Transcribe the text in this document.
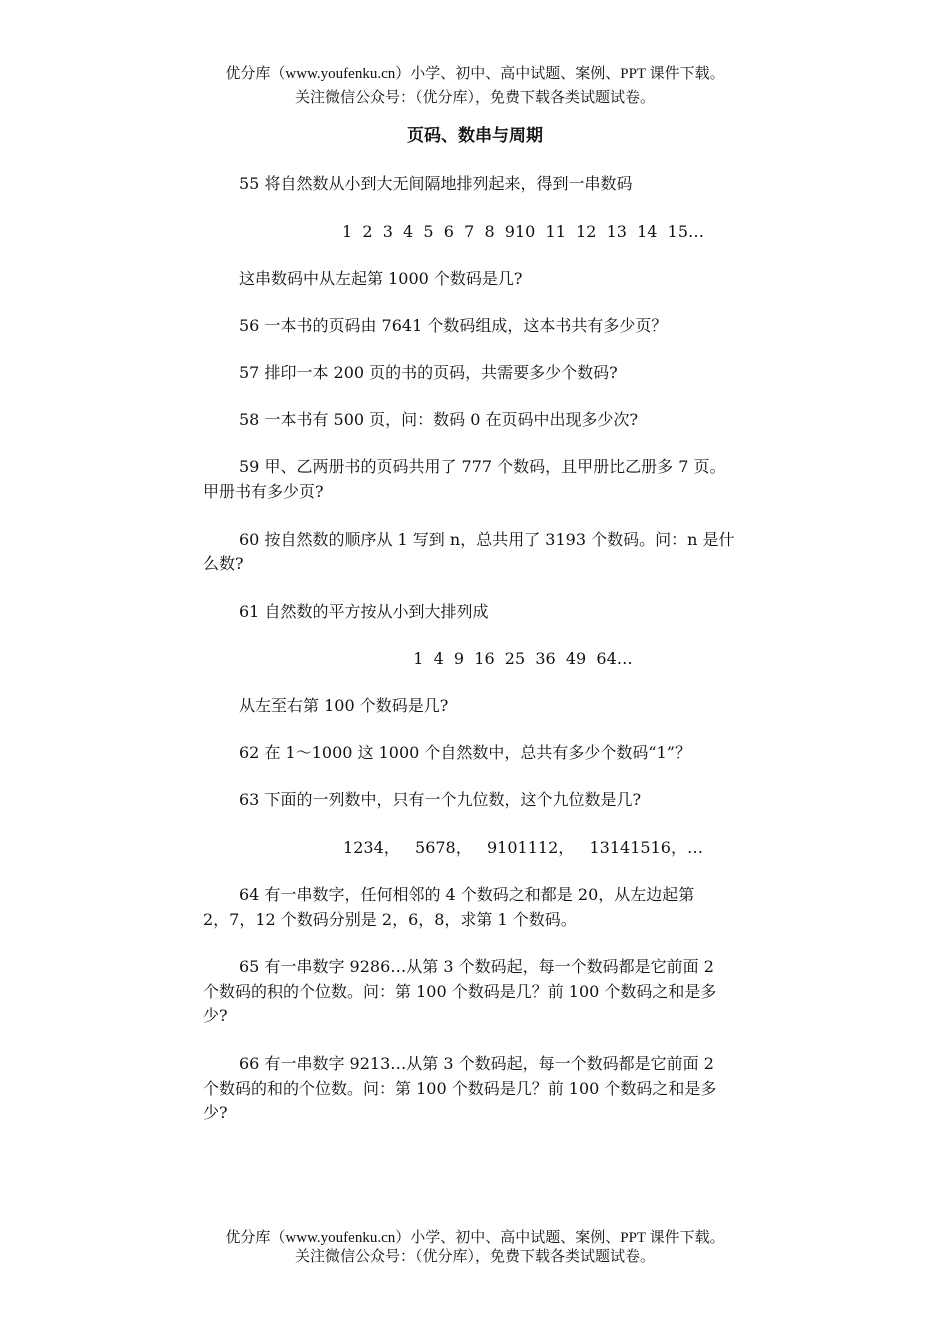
优分库（www.youfenku.cn）小学、初中、高中试题、案例、PPT 课件下载。
关注微信公众号：（优分库），免费下载各类试题试卷。
页码、数串与周期
55 将自然数从小到大无间隔地排列起来，得到一串数码
1  2  3  4  5  6  7  8  910  11  12  13  14  15…
这串数码中从左起第 1000 个数码是几?
56 一本书的页码由 7641 个数码组成，这本书共有多少页？
57 排印一本 200 页的书的页码，共需要多少个数码?
58 一本书有 500 页，问：数码 0 在页码中出现多少次?
59 甲、乙两册书的页码共用了 777 个数码，且甲册比乙册多 7 页。
甲册书有多少页?
60 按自然数的顺序从 1 写到 n，总共用了 3193 个数码。问：n 是什
么数?
61 自然数的平方按从小到大排列成
1  4  9  16  25  36  49  64…
从左至右第 100 个数码是几?
62 在 1～1000 这 1000 个自然数中，总共有多少个数码“1”？
63 下面的一列数中，只有一个九位数，这个九位数是几?
1234，   5678，   9101112，   13141516，…
64 有一串数字，任何相邻的 4 个数码之和都是 20，从左边起第
2，7，12 个数码分别是 2，6，8，求第 1 个数码。
65 有一串数字 9286…从第 3 个数码起，每一个数码都是它前面 2
个数码的积的个位数。问：第 100 个数码是几？前 100 个数码之和是多
少?
66 有一串数字 9213…从第 3 个数码起，每一个数码都是它前面 2
个数码的和的个位数。问：第 100 个数码是几？前 100 个数码之和是多
少?
优分库（www.youfenku.cn）小学、初中、高中试题、案例、PPT 课件下载。
关注微信公众号：（优分库），免费下载各类试题试卷。
